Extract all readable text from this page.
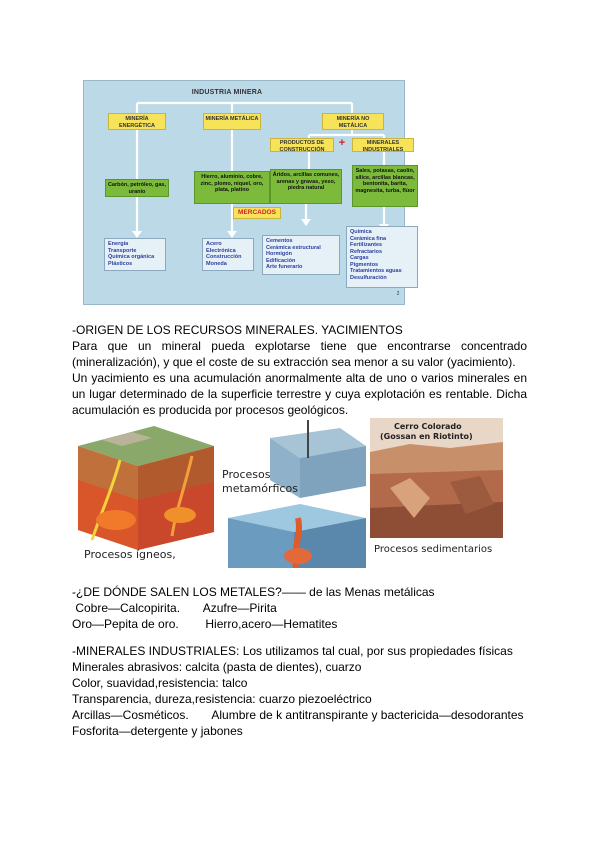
INDUSTRIA MINERA
MINERÍA ENERGÉTICA
MINERÍA METÁLICA	MINERÍA NO METÁLICA
PRODUCTOS DE CONSTRUCCIÓN
+	MINERALES INDUSTRIALES
Carbón, petróleo, gas, uranio
Hierro, aluminio, cobre, zinc, plomo, níquel, oro, plata, platino
Áridos, arcillas comunes, arenas y gravas, yeso, piedra natural
Sales, potasas, caolín, sílice, arcillas blancas, bentonita, barita, magnesita, turba, flúor
MERCADOS
Energía
Transporte
Química orgánica
Plásticos
Acero
Electrónica
Construcción
Moneda
Cementos
Cerámica estructural
Hormigón
Edificación
Arte funerario
Química
Cerámica fina
Fertilizantes
Refractarios
Cargas
Pigmentos
Tratamientos aguas
Desulfuración
2
-ORIGEN DE LOS RECURSOS MINERALES. YACIMIENTOS
Para que un mineral pueda explotarse tiene que encontrarse concentrado (mineralización), y que el coste de su extracción sea menor a su valor (yacimiento).
Un yacimiento es una acumulación anormalmente alta de uno o varios minerales en un lugar determinado de la superficie terrestre y cuya explotación es rentable. Dicha acumulación es producida por procesos geológicos.
Procesos ígneos,
Procesos metamórficos
Cerro Colorado
(Gossan en Riotinto)
Procesos sedimentarios
-¿DE DÓNDE SALEN LOS METALES?—— de las Menas metálicas
Cobre—Calcopirita.       Azufre—Pirita
Oro—Pepita de oro.        Hierro,acero—Hematites
-MINERALES INDUSTRIALES: Los utilizamos tal cual, por sus propiedades físicas
Minerales abrasivos: calcita (pasta de dientes), cuarzo
Color, suavidad,resistencia: talco
Transparencia, dureza,resistencia: cuarzo piezoeléctrico
Arcillas—Cosméticos.       Alumbre de k antitranspirante y bactericida—desodorantes
Fosforita—detergente y jabones
